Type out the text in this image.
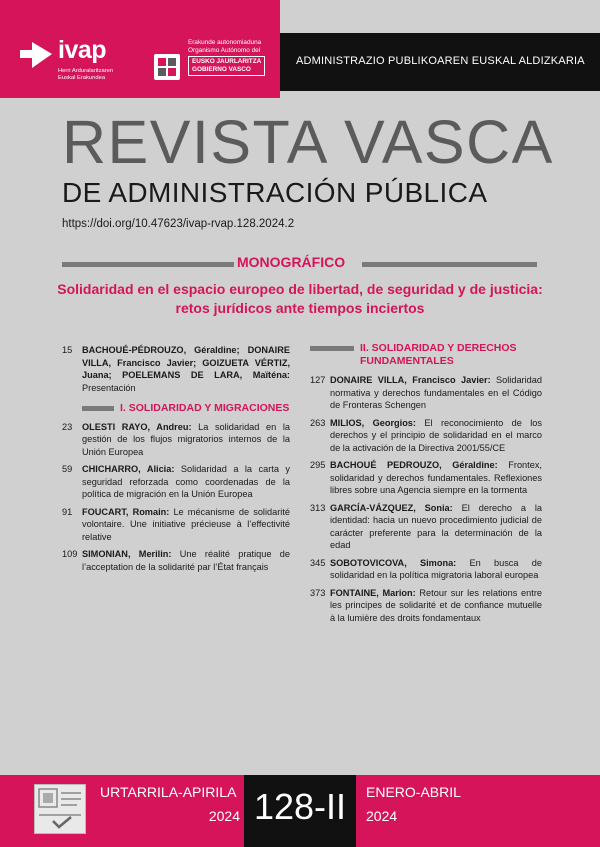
ADMINISTRAZIO PUBLIKOAREN EUSKAL ALDIZKARIA
ivap
Herri Arduralaritzaren
Euskal Erakundea
Erakunde autonomiaduna
Organismo Autónomo del
EUSKO JAURLARITZA
GOBIERNO VASCO
REVISTA VASCA
DE ADMINISTRACIÓN PÚBLICA
https://doi.org/10.47623/ivap-rvap.128.2024.2
MONOGRÁFICO
Solidaridad en el espacio europeo de libertad, de seguridad y de justicia:
retos jurídicos ante tiempos inciertos
15	BACHOUÉ-PÉDROUZO, Géraldine; DONAIRE VILLA, Francisco Javier; GOIZUETA VÉRTIZ, Juana; POELEMANS DE LARA, Maïténa: Presentación
I. SOLIDARIDAD Y MIGRACIONES
23	OLESTI RAYO, Andreu: La solidaridad en la gestión de los flujos migratorios internos de la Unión Europea
59	CHICHARRO, Alicia: Solidaridad a la carta y seguridad reforzada como coordenadas de la política de migración en la Unión Europea
91	FOUCART, Romain: Le mécanisme de solidarité volontaire. Une initiative précieuse à l’effectivité relative
109 SIMONIAN, Merilin: Une réalité pratique de l’acceptation de la solidarité par l’État français
II. SOLIDARIDAD Y DERECHOS FUNDAMENTALES
127 DONAIRE VILLA, Francisco Javier: Solidaridad normativa y derechos fundamentales en el Código de Fronteras Schengen
263 MILIOS, Georgios: El reconocimiento de los derechos y el principio de solidaridad en el marco de la activación de la Directiva 2001/55/CE
295 BACHOUÉ PEDROUZO, Géraldine: Frontex, solidaridad y derechos fundamentales. Reflexiones libres sobre una Agencia siempre en la tormenta
313 GARCÍA-VÁZQUEZ, Sonia: El derecho a la identidad: hacia un nuevo procedimiento judicial de carácter preferente para la determinación de la edad
345 SOBOTOVICOVA, Simona: En busca de solidaridad en la política migratoria laboral europea
373 FONTAINE, Marion: Retour sur les relations entre les principes de solidarité et de confiance mutuelle à la lumière des droits fondamentaux
URTARRILA-APIRILA
2024 128-II	ENERO-ABRIL
2024
